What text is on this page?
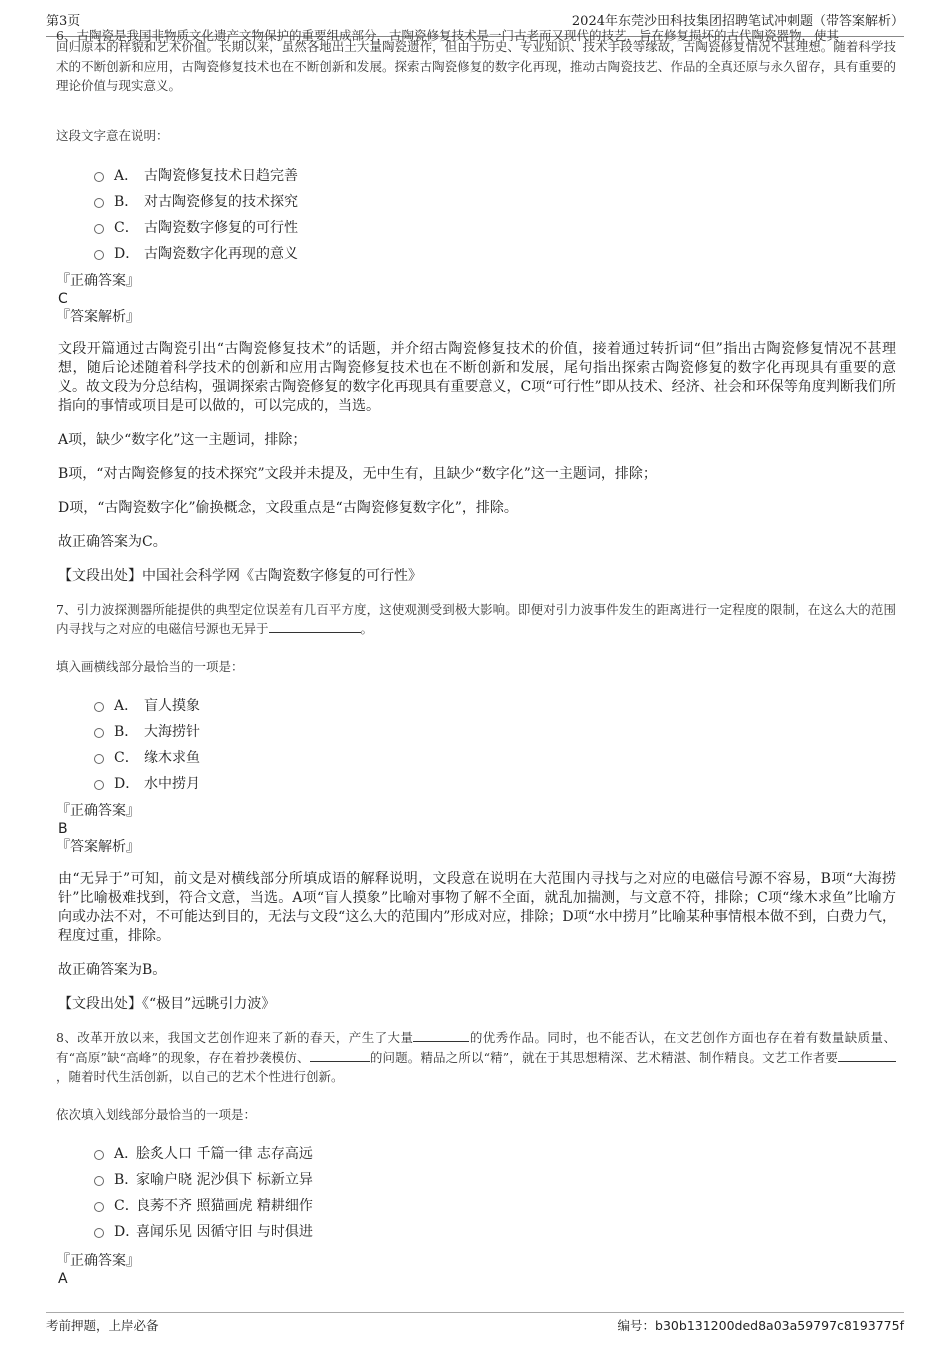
第3页	2024年东莞沙田科技集团招聘笔试冲刺题（带答案解析）

6、古陶瓷是我国非物质文化遗产文物保护的重要组成部分，古陶瓷修复技术是一门古老而又现代的技艺，旨在修复损坏的古代陶瓷器物，使其

回归原本的样貌和艺术价值。长期以来，虽然各地出土大量陶瓷遗作，但由于历史、专业知识、技术手段等缘故，古陶瓷修复情况不甚理想。随着科学技术的不断创新和应用，古陶瓷修复技术也在不断创新和发展。探索古陶瓷修复的数字化再现，推动古陶瓷技艺、作品的全真还原与永久留存，具有重要的理论价值与现实意义。

这段文字意在说明：

A． 古陶瓷修复技术日趋完善
B． 对古陶瓷修复的技术探究
C． 古陶瓷数字修复的可行性
D． 古陶瓷数字化再现的意义

『正确答案』

C

『答案解析』

文段开篇通过古陶瓷引出“古陶瓷修复技术”的话题，并介绍古陶瓷修复技术的价值，接着通过转折词“但”指出古陶瓷修复情况不甚理想，随后论述随着科学技术的创新和应用古陶瓷修复技术也在不断创新和发展，尾句指出探索古陶瓷修复的数字化再现具有重要的意义。故文段为分总结构，强调探索古陶瓷修复的数字化再现具有重要意义，C项“可行性”即从技术、经济、社会和环保等角度判断我们所指向的事情或项目是可以做的，可以完成的，当选。

A项，缺少“数字化”这一主题词，排除；

B项，“对古陶瓷修复的技术探究”文段并未提及，无中生有，且缺少“数字化”这一主题词，排除；

D项，“古陶瓷数字化”偷换概念，文段重点是“古陶瓷修复数字化”，排除。

故正确答案为C。

【文段出处】中国社会科学网《古陶瓷数字修复的可行性》

7、引力波探测器所能提供的典型定位误差有几百平方度，这使观测受到极大影响。即便对引力波事件发生的距离进行一定程度的限制，在这么大的范围内寻找与之对应的电磁信号源也无异于	。

填入画横线部分最恰当的一项是：

A． 盲人摸象
B． 大海捞针
C． 缘木求鱼
D． 水中捞月

『正确答案』

B

『答案解析』

由“无异于”可知，前文是对横线部分所填成语的解释说明，文段意在说明在大范围内寻找与之对应的电磁信号源不容易，B项“大海捞针”比喻极难找到，符合文意，当选。A项“盲人摸象”比喻对事物了解不全面，就乱加揣测，与文意不符，排除；C项“缘木求鱼”比喻方向或办法不对，不可能达到目的，无法与文段“这么大的范围内”形成对应，排除；D项“水中捞月”比喻某种事情根本做不到，白费力气，程度过重，排除。

故正确答案为B。

【文段出处】《“极目”远眺引力波》

8、改革开放以来，我国文艺创作迎来了新的春天，产生了大量	的优秀作品。同时，也不能否认，在文艺创作方面也存在着有数量缺质量、有“高原”缺“高峰”的现象，存在着抄袭模仿、	的问题。精品之所以“精”，就在于其思想精深、艺术精湛、制作精良。文艺工作者要，随着时代生活创新，以自己的艺术个性进行创新。

依次填入划线部分最恰当的一项是：

A．
脍炙人口 千篇一律 志存高远
B．
家喻户晓 泥沙俱下 标新立异
C．
良莠不齐 照猫画虎 精耕细作
D．
喜闻乐见 因循守旧 与时俱进

『正确答案』

A

考前押题，上岸必备	编号：b30b131200ded8a03a59797c8193775f
